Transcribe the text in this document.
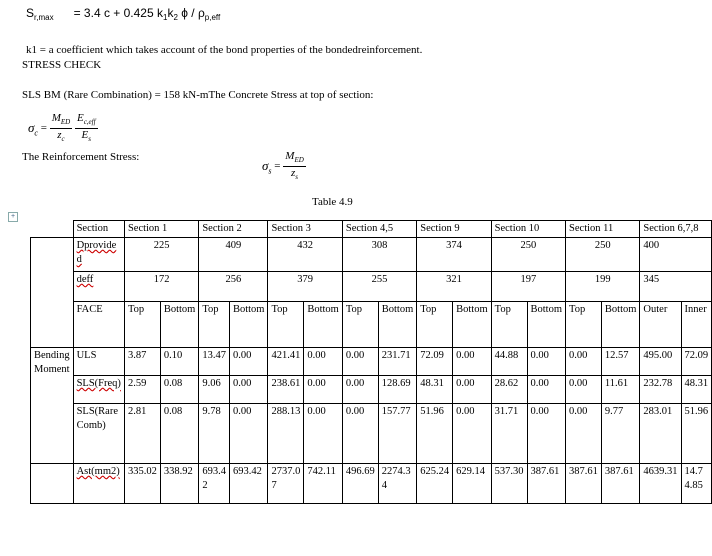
$S_{r,max} = 3.4$ c + 0.425 $k_1k_2$ ϕ / $\rho_{p,eff}$
k1 = a coefficient which takes account of the bond properties of the bondedreinforcement.
STRESS CHECK
SLS BM (Rare Combination) = 158 kN-mThe Concrete Stress at top of section:
$\sigma_c = \frac{M_{ED}}{z_c}$
$\frac{E_{c,eff}}{E_s}$
The Reinforcement Stress:
$\sigma_s = \frac{M_{ED}}{z_s}$
Table 4.9
+
	Section	Section 1		Section 2		Section 3		Section 4,5		Section 9		Section 10		Section 11		Section 6,7,8	
	Dprovided	225		409		432		308		374		250		250		400	
	deff	172		256		379		255		321		197		199		345	
	FACE	Top	Bottom	Top	Bottom	Top	Bottom	Top	Bottom	Top	Bottom	Top	Bottom	Top	Bottom	Outer	Inner
Bending Moment	ULS	3.87	0.10	13.47	0.00	421.41	0.00	0.00	231.71	72.09	0.00	44.88	0.00	0.00	12.57	495.00	72.09
	SLS(Freq)	2.59	0.08	9.06	0.00	238.61	0.00	0.00	128.69	48.31	0.00	28.62	0.00	0.00	11.61	232.78	48.31
	SLS(Rare Comb)	2.81	0.08	9.78	0.00	288.13	0.00	0.00	157.77	51.96	0.00	31.71	0.00	0.00	9.77	283.01	51.96
	Ast(mm2)	335.02	338.92	693.42	693.42	2737.07	742.11	496.69	2274.34	625.24	629.14	537.30	387.61	387.61	387.61	4639.31	14.74.85
